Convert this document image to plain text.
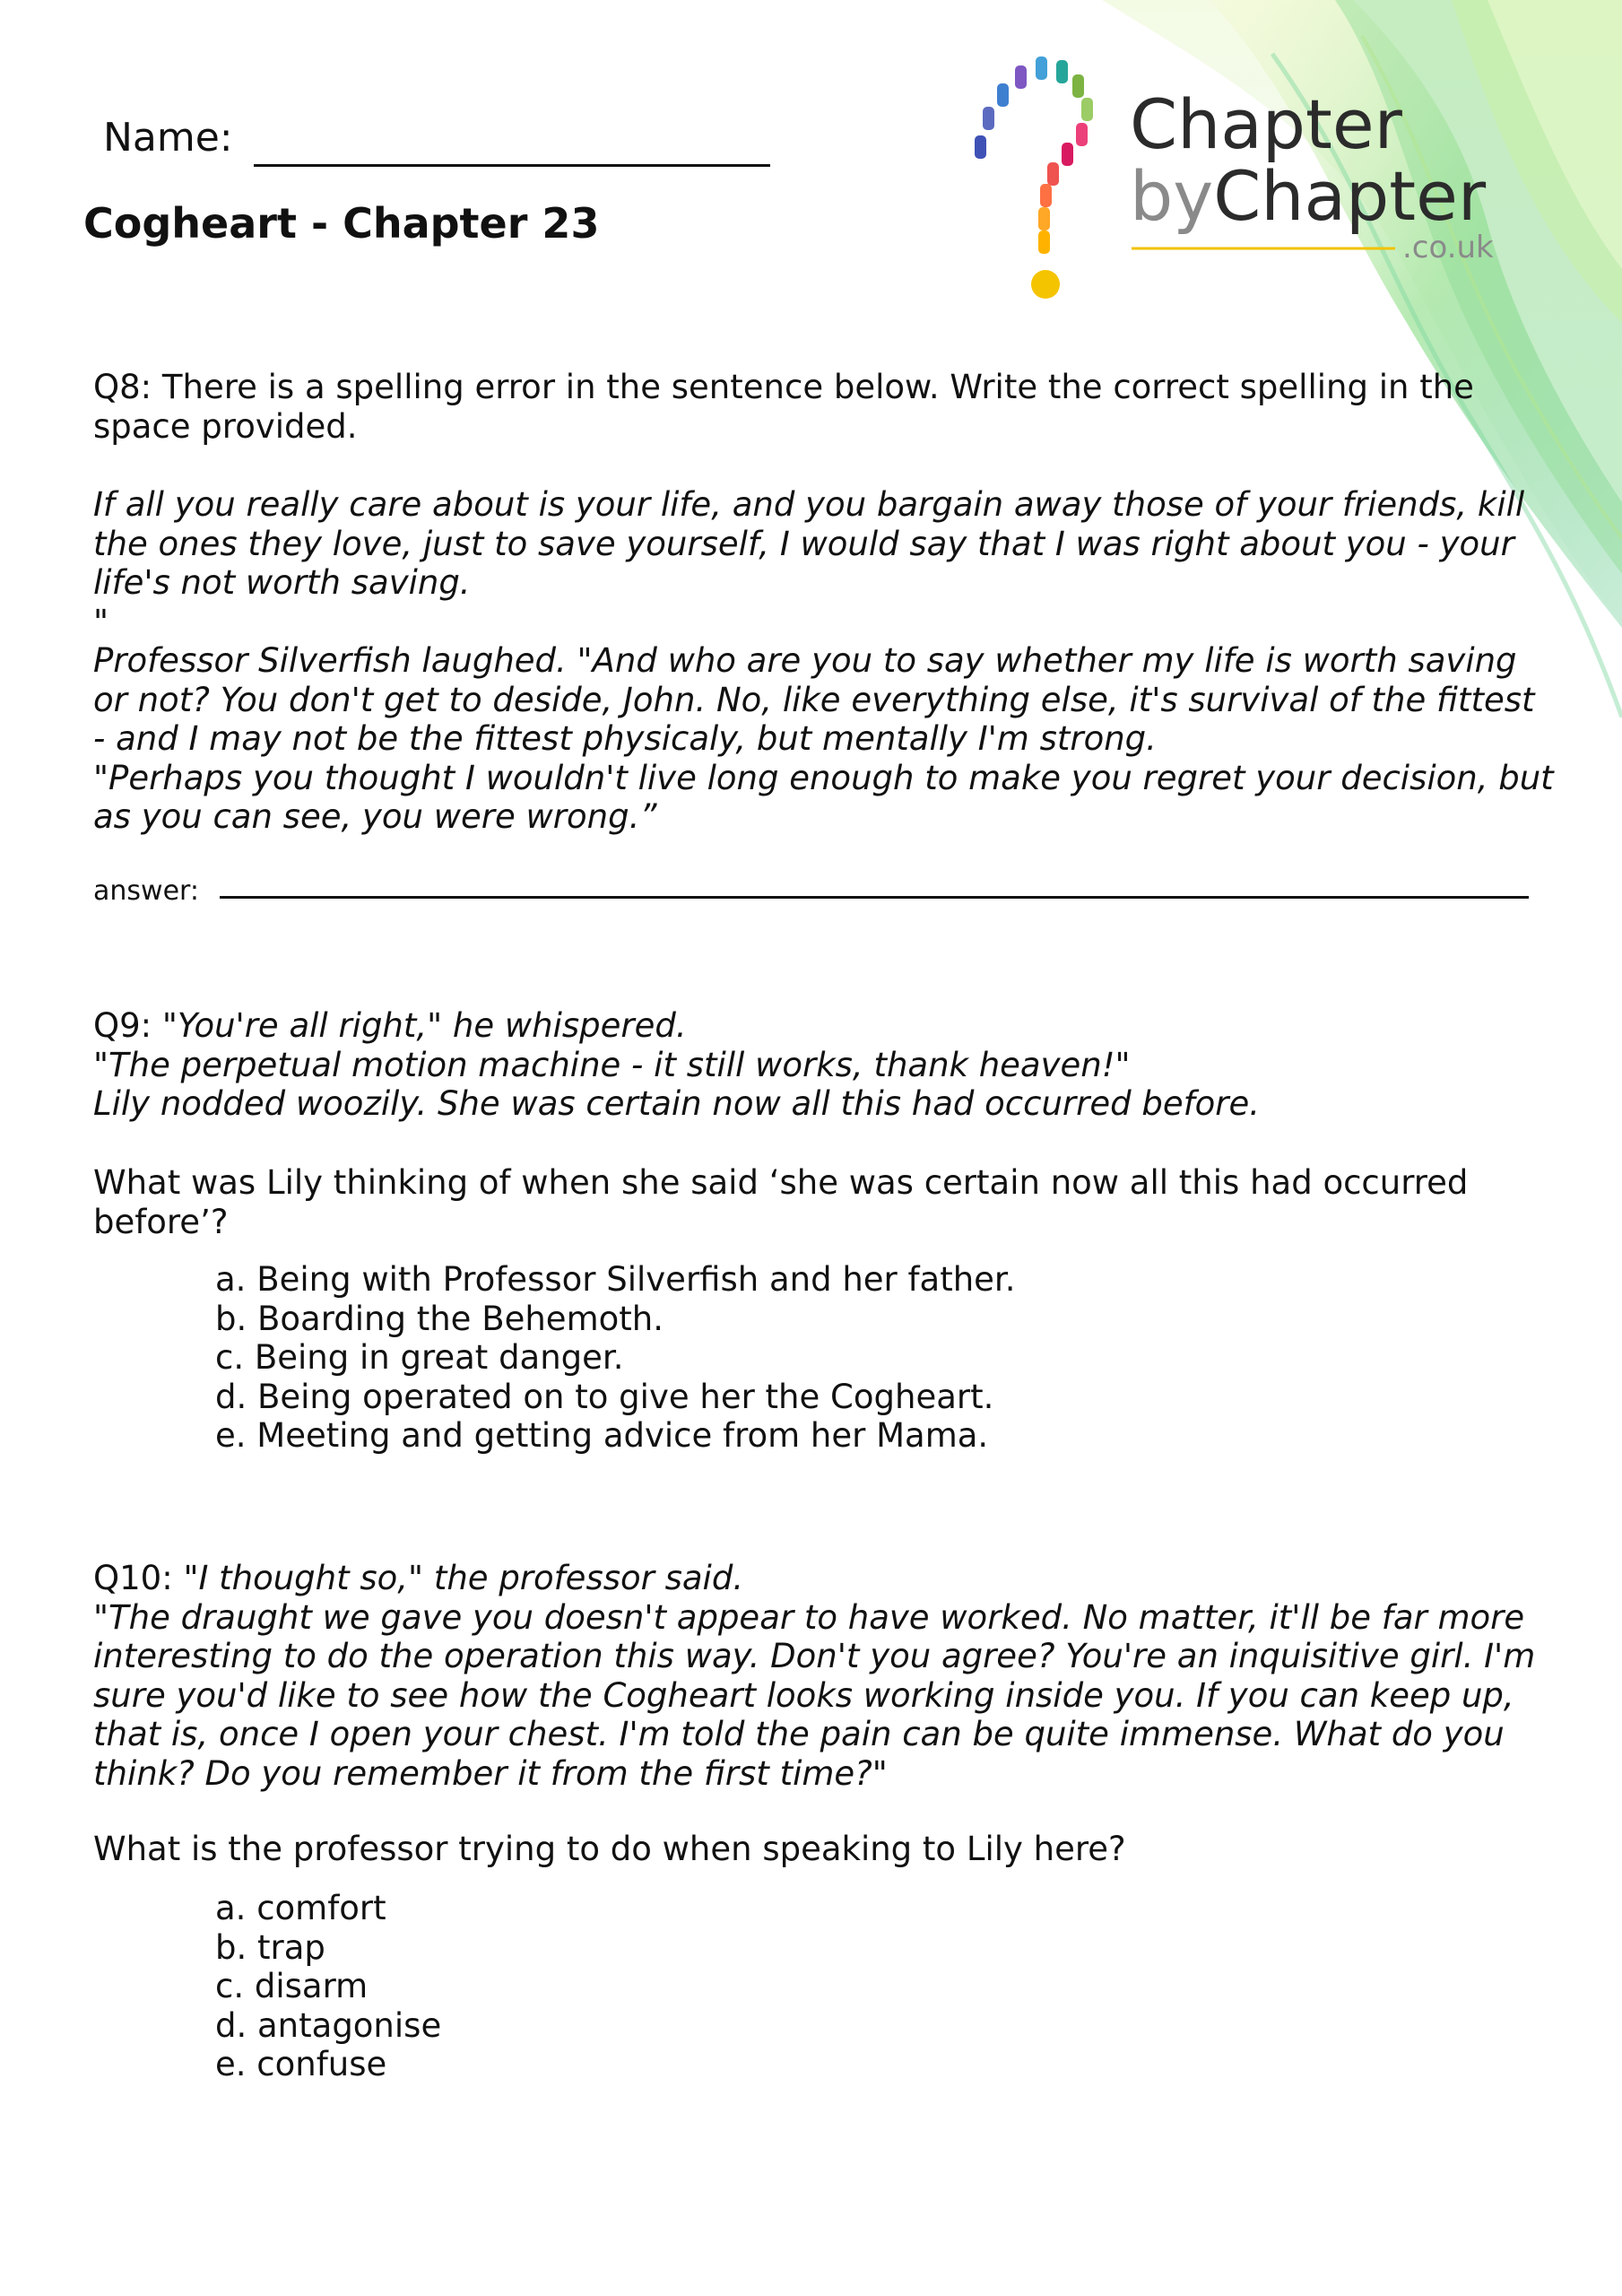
Chapter
byChapter
.co.uk
Name:
Cogheart - Chapter 23
Q8: There is a spelling error in the sentence below. Write the correct spelling in the space provided.
If all you really care about is your life, and you bargain away those of your friends, kill
the ones they love, just to save yourself, I would say that I was right about you - your
life's not worth saving.
"
Professor Silverfish laughed. "And who are you to say whether my life is worth saving
or not? You don't get to deside, John. No, like everything else, it's survival of the fittest
- and I may not be the fittest physicaly, but mentally I'm strong.
"Perhaps you thought I wouldn't live long enough to make you regret your decision, but
as you can see, you were wrong.”
answer:
Q9: "You're all right," he whispered.
"The perpetual motion machine - it still works, thank heaven!"
Lily nodded woozily. She was certain now all this had occurred before.
What was Lily thinking of when she said ‘she was certain now all this had occurred
before’?
a. Being with Professor Silverfish and her father.
b. Boarding the Behemoth.
c. Being in great danger.
d. Being operated on to give her the Cogheart.
e. Meeting and getting advice from her Mama.
Q10: "I thought so," the professor said.
"The draught we gave you doesn't appear to have worked. No matter, it'll be far more
interesting to do the operation this way. Don't you agree? You're an inquisitive girl. I'm
sure you'd like to see how the Cogheart looks working inside you. If you can keep up,
that is, once I open your chest. I'm told the pain can be quite immense. What do you
think? Do you remember it from the first time?"
What is the professor trying to do when speaking to Lily here?
a. comfort
b. trap
c. disarm
d. antagonise
e. confuse
